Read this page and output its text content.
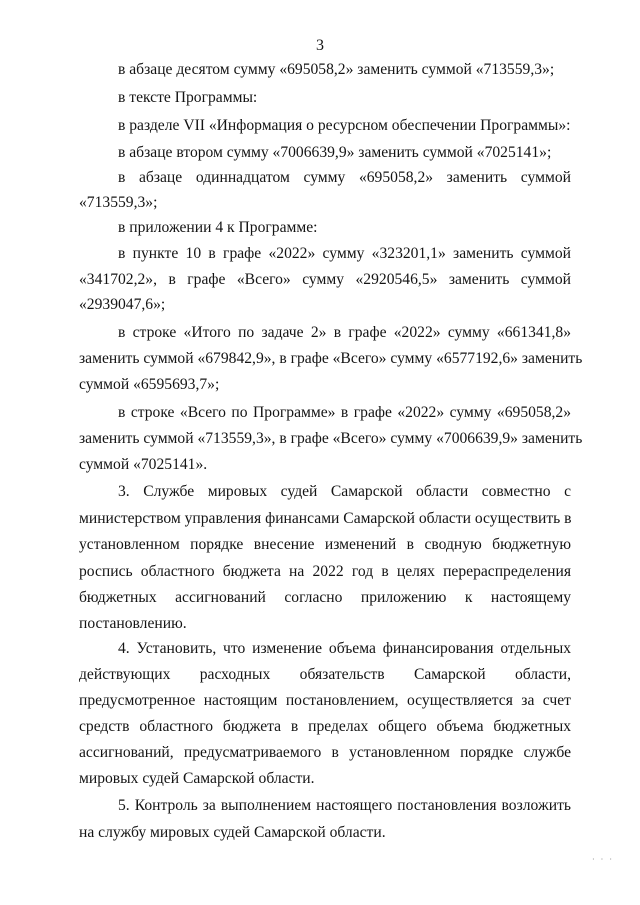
3
в абзаце десятом сумму «695058,2» заменить суммой «713559,3»;
в тексте Программы:
в разделе VII «Информация о ресурсном обеспечении Программы»:
в абзаце втором сумму «7006639,9» заменить суммой «7025141»;
в абзаце одиннадцатом сумму «695058,2» заменить суммой
«713559,3»;
в приложении 4 к Программе:
в пункте 10 в графе «2022» сумму «323201,1» заменить суммой
«341702,2», в графе «Всего» сумму «2920546,5» заменить суммой
«2939047,6»;
в строке «Итого по задаче 2» в графе «2022» сумму «661341,8»
заменить суммой «679842,9», в графе «Всего» сумму «6577192,6» заменить
суммой «6595693,7»;
в строке «Всего по Программе» в графе «2022» сумму «695058,2»
заменить суммой «713559,3», в графе «Всего» сумму «7006639,9» заменить
суммой «7025141».
3. Службе мировых судей Самарской области совместно с
министерством управления финансами Самарской области осуществить в
установленном порядке внесение изменений в сводную бюджетную
роспись областного бюджета на 2022 год в целях перераспределения
бюджетных ассигнований согласно приложению к настоящему
постановлению.
4. Установить, что изменение объема финансирования отдельных
действующих расходных обязательств Самарской области,
предусмотренное настоящим постановлением, осуществляется за счет
средств областного бюджета в пределах общего объема бюджетных
ассигнований, предусматриваемого в установленном порядке службе
мировых судей Самарской области.
5. Контроль за выполнением настоящего постановления возложить
на службу мировых судей Самарской области.
· · ·
